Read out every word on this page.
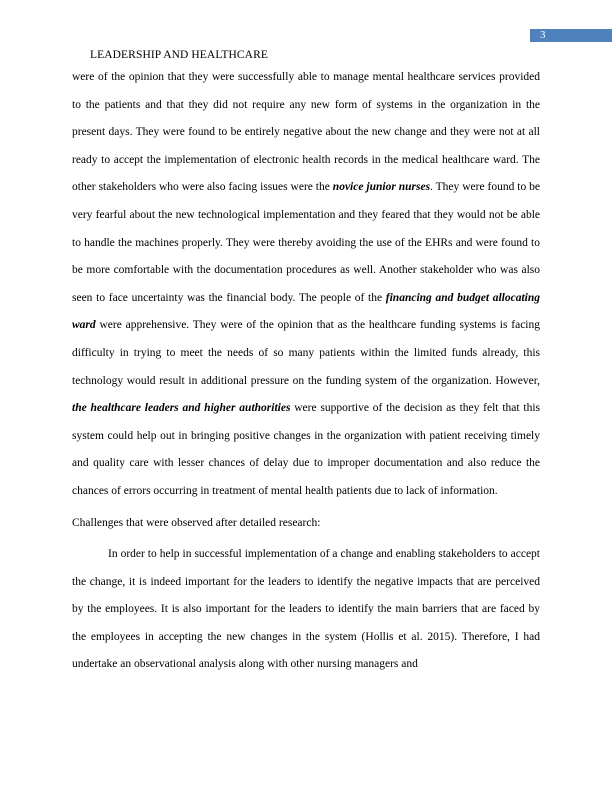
3
LEADERSHIP AND HEALTHCARE

were of the opinion that they were successfully able to manage mental healthcare services provided to the patients and that they did not require any new form of systems in the organization in the present days. They were found to be entirely negative about the new change and they were not at all ready to accept the implementation of electronic health records in the medical healthcare ward. The other stakeholders who were also facing issues were the novice junior nurses. They were found to be very fearful about the new technological implementation and they feared that they would not be able to handle the machines properly. They were thereby avoiding the use of the EHRs and were found to be more comfortable with the documentation procedures as well. Another stakeholder who was also seen to face uncertainty was the financial body. The people of the financing and budget allocating ward were apprehensive. They were of the opinion that as the healthcare funding systems is facing difficulty in trying to meet the needs of so many patients within the limited funds already, this technology would result in additional pressure on the funding system of the organization. However, the healthcare leaders and higher authorities were supportive of the decision as they felt that this system could help out in bringing positive changes in the organization with patient receiving timely and quality care with lesser chances of delay due to improper documentation and also reduce the chances of errors occurring in treatment of mental health patients due to lack of information.

Challenges that were observed after detailed research:

In order to help in successful implementation of a change and enabling stakeholders to accept the change, it is indeed important for the leaders to identify the negative impacts that are perceived by the employees. It is also important for the leaders to identify the main barriers that are faced by the employees in accepting the new changes in the system (Hollis et al. 2015). Therefore, I had undertake an observational analysis along with other nursing managers and
